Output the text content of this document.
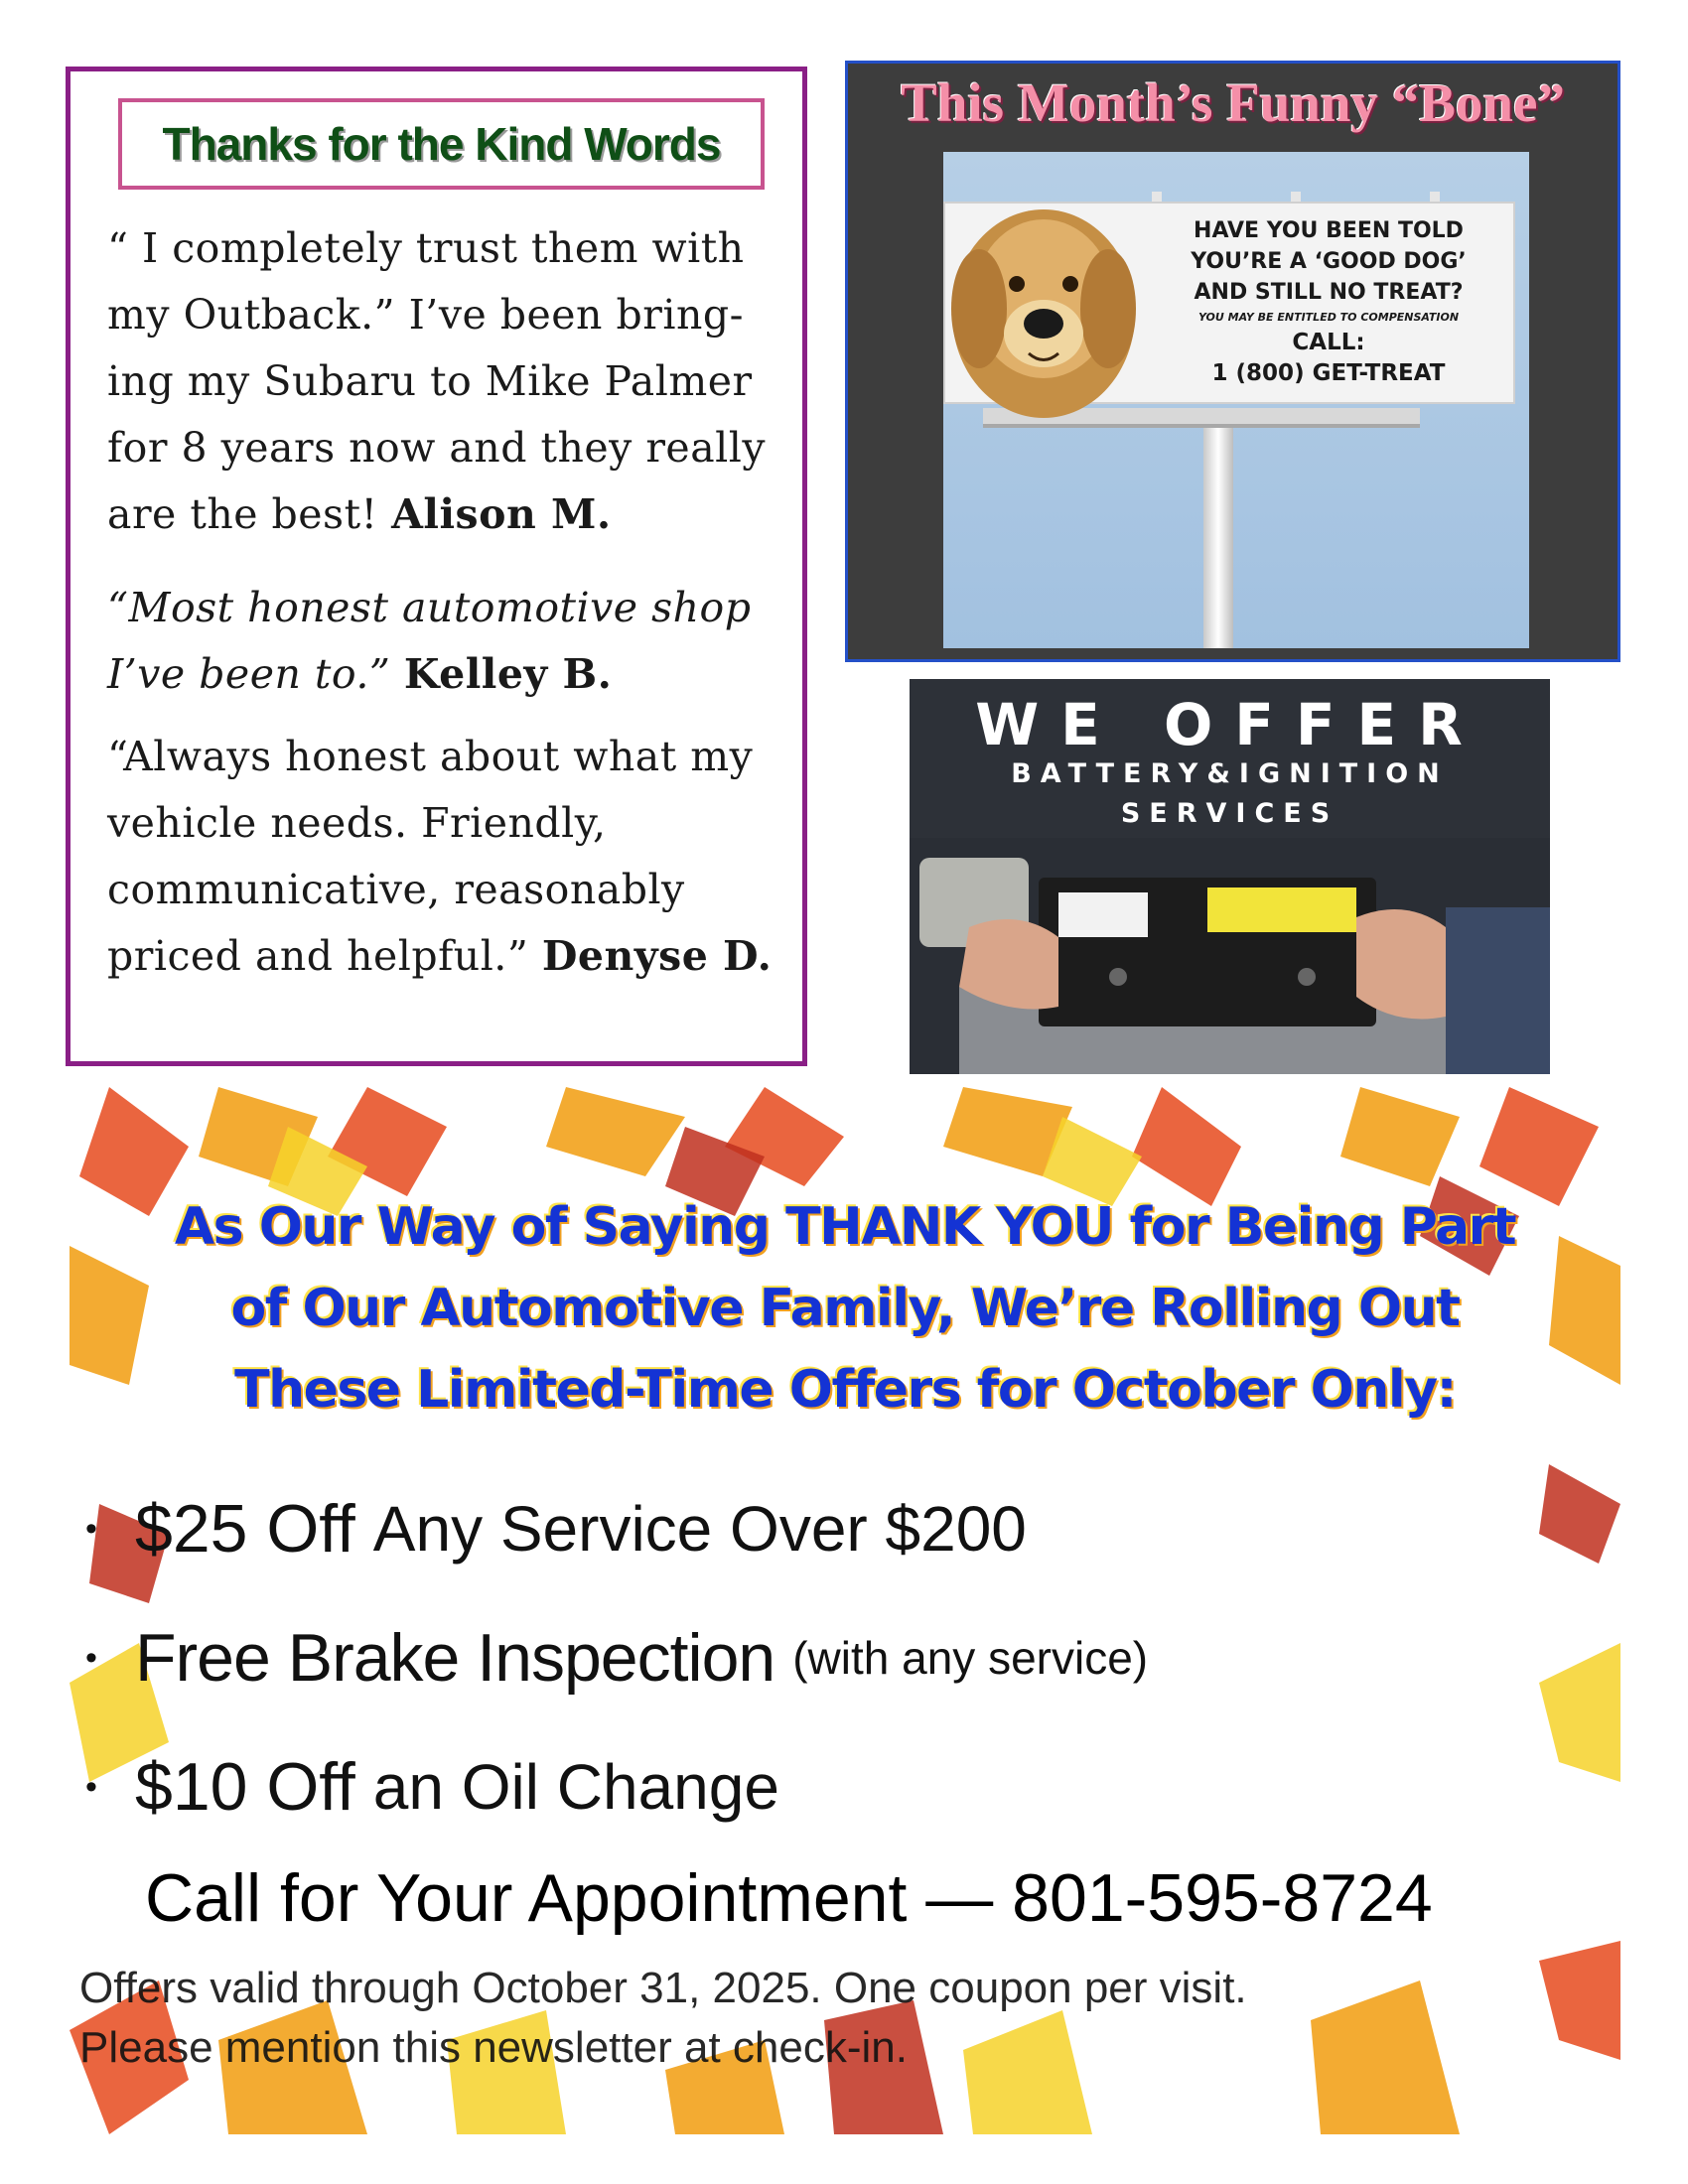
Thanks for the Kind Words
“ I completely trust them with my Outback.” I’ve been bring-ing my Subaru to Mike Palmer for 8 years now and they really are the best! Alison M.
“Most honest automotive shop I’ve been to.” Kelley B.
“Always honest about what my vehicle needs. Friendly, communicative, reasonably priced and helpful.” Denyse D.
This Month’s Funny “Bone”
HAVE YOU BEEN TOLD
YOU’RE A ‘GOOD DOG’
AND STILL NO TREAT?
YOU MAY BE ENTITLED TO COMPENSATION
CALL:
1 (800) GET-TREAT
WE OFFER
BATTERY&IGNITION
SERVICES
As Our Way of Saying THANK YOU for Being Part
of Our Automotive Family, We’re Rolling Out
These Limited-Time Offers for October Only:
• $25 Off Any Service Over $200
• Free Brake Inspection (with any service)
• $10 Off an Oil Change
Call for Your Appointment — 801-595-8724
Offers valid through October 31, 2025. One coupon per visit.
Please mention this newsletter at check-in.
